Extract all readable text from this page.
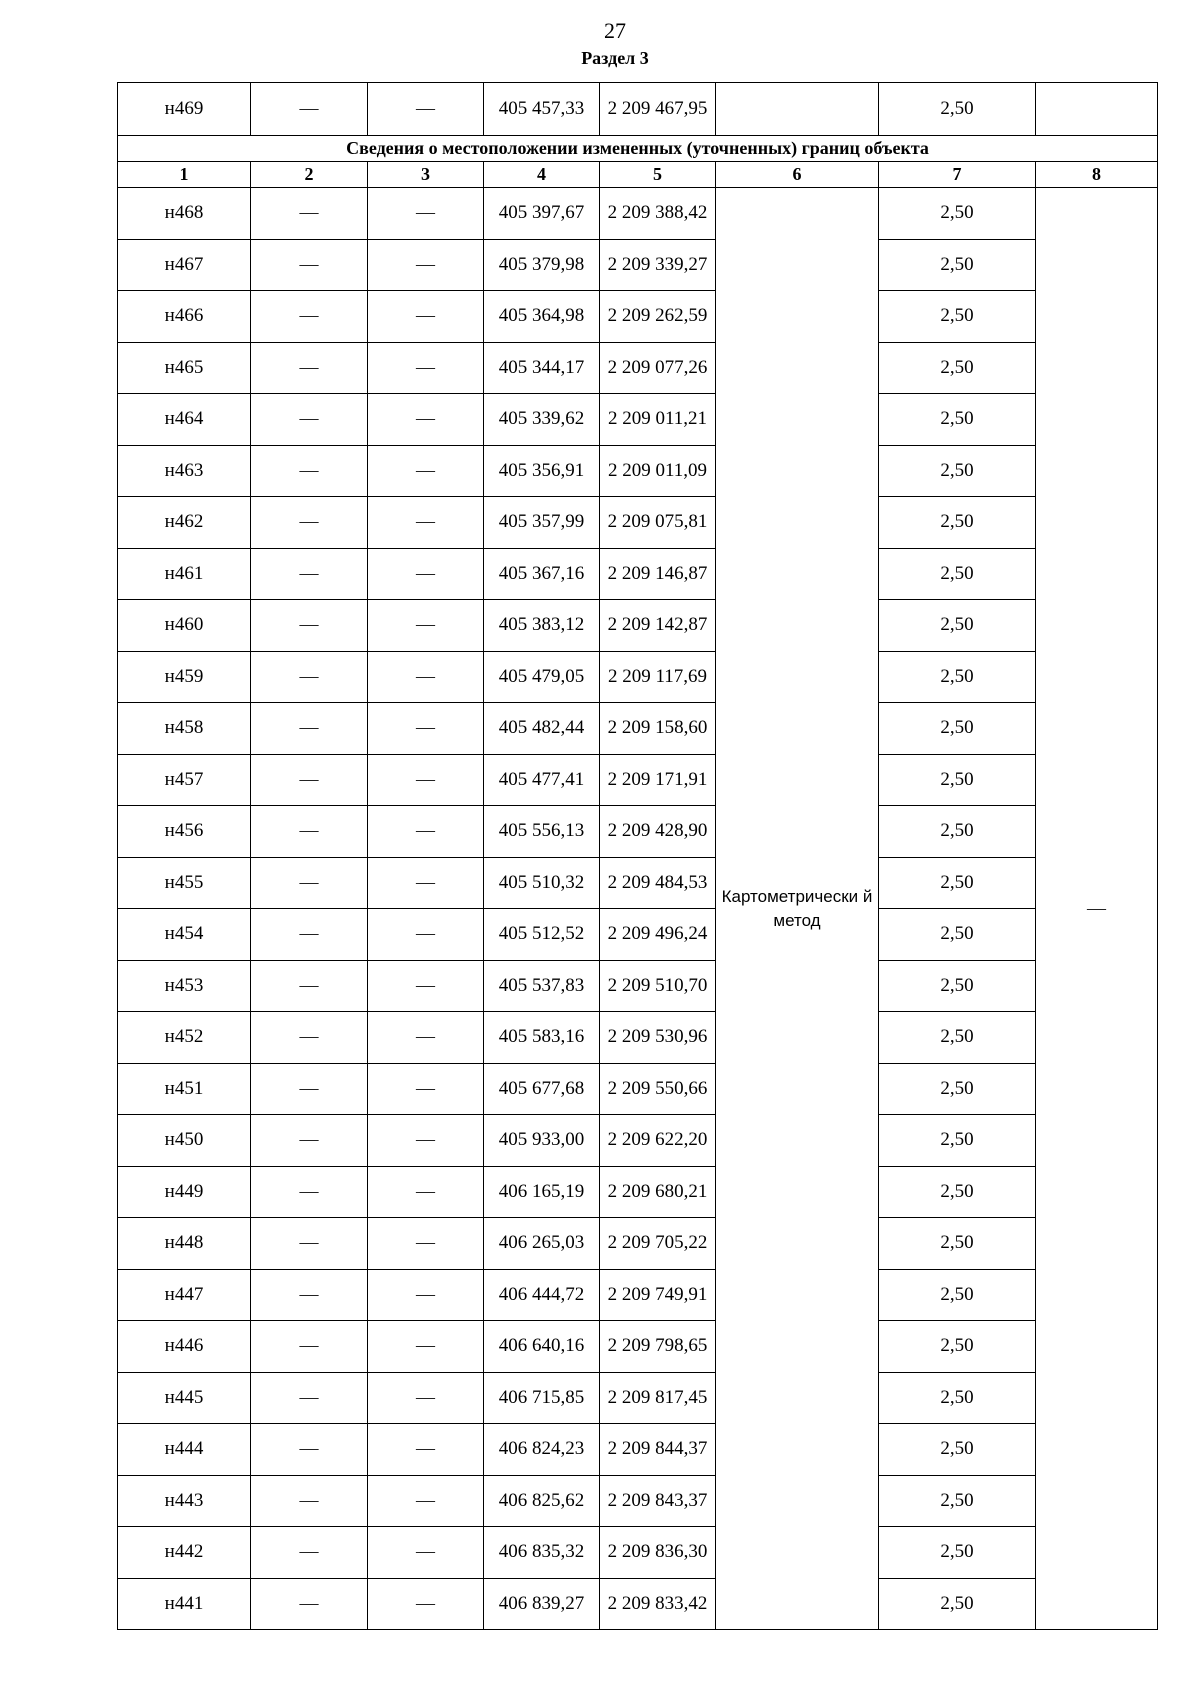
27
Раздел 3
н469	—	—	405 457,33	2 209 467,95		2,50	
Сведения о местоположении измененных (уточненных) границ объекта							
1	2	3	4	5	6	7	8
н468	—	—	405 397,67	2 209 388,42	Картометрически й метод	2,50	—
н467	—	—	405 379,98	2 209 339,27		2,50	
н466	—	—	405 364,98	2 209 262,59		2,50	
н465	—	—	405 344,17	2 209 077,26		2,50	
н464	—	—	405 339,62	2 209 011,21		2,50	
н463	—	—	405 356,91	2 209 011,09		2,50	
н462	—	—	405 357,99	2 209 075,81		2,50	
н461	—	—	405 367,16	2 209 146,87		2,50	
н460	—	—	405 383,12	2 209 142,87		2,50	
н459	—	—	405 479,05	2 209 117,69		2,50	
н458	—	—	405 482,44	2 209 158,60		2,50	
н457	—	—	405 477,41	2 209 171,91		2,50	
н456	—	—	405 556,13	2 209 428,90		2,50	
н455	—	—	405 510,32	2 209 484,53		2,50	
н454	—	—	405 512,52	2 209 496,24		2,50	
н453	—	—	405 537,83	2 209 510,70		2,50	
н452	—	—	405 583,16	2 209 530,96		2,50	
н451	—	—	405 677,68	2 209 550,66		2,50	
н450	—	—	405 933,00	2 209 622,20		2,50	
н449	—	—	406 165,19	2 209 680,21		2,50	
н448	—	—	406 265,03	2 209 705,22		2,50	
н447	—	—	406 444,72	2 209 749,91		2,50	
н446	—	—	406 640,16	2 209 798,65		2,50	
н445	—	—	406 715,85	2 209 817,45		2,50	
н444	—	—	406 824,23	2 209 844,37		2,50	
н443	—	—	406 825,62	2 209 843,37		2,50	
н442	—	—	406 835,32	2 209 836,30		2,50	
н441	—	—	406 839,27	2 209 833,42		2,50	
